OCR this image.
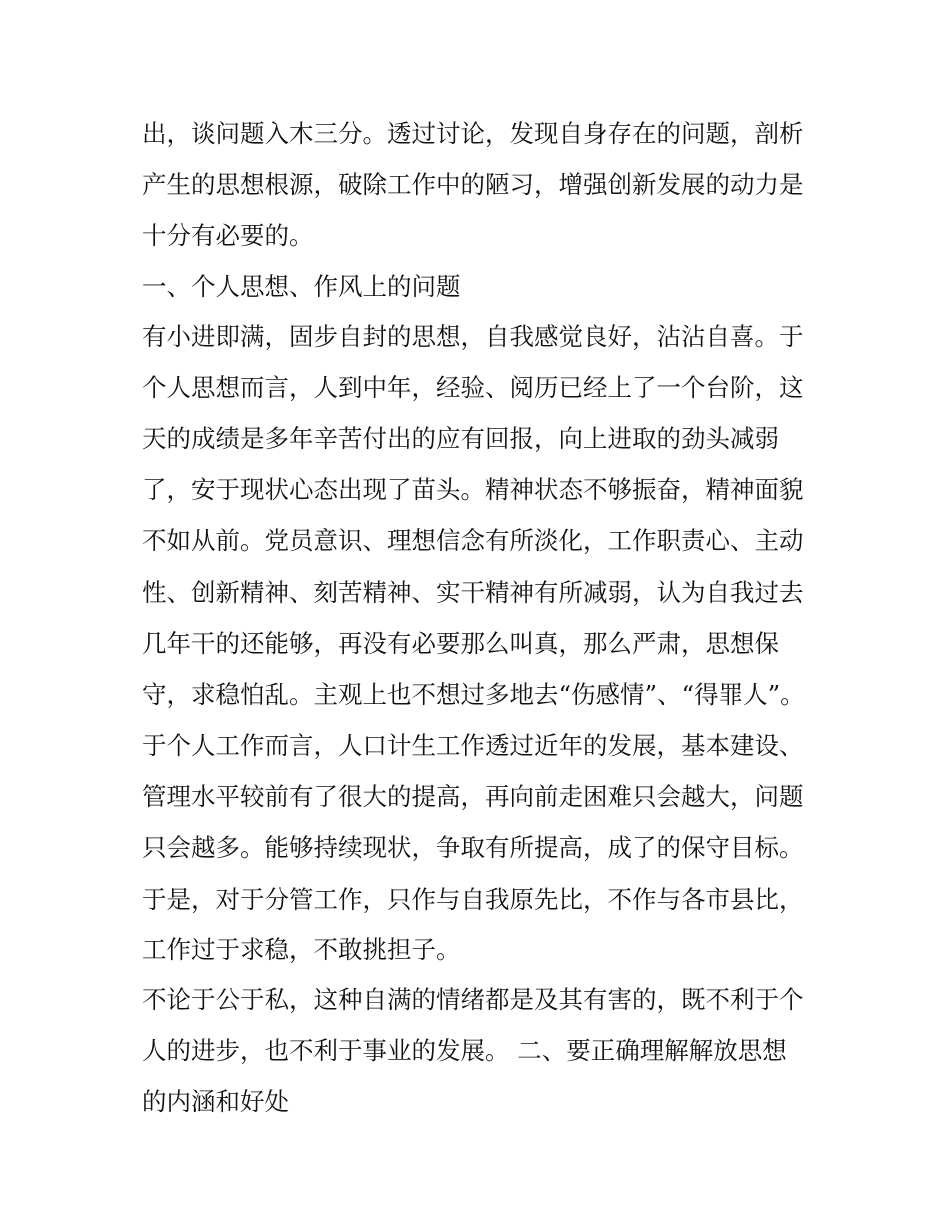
出，谈问题入木三分。透过讨论，发现自身存在的问题，剖析
产生的思想根源，破除工作中的陋习，增强创新发展的动力是
十分有必要的。
一、个人思想、作风上的问题
有小进即满，固步自封的思想，自我感觉良好，沾沾自喜。于
个人思想而言，人到中年，经验、阅历已经上了一个台阶，这
天的成绩是多年辛苦付出的应有回报，向上进取的劲头减弱
了，安于现状心态出现了苗头。精神状态不够振奋，精神面貌
不如从前。党员意识、理想信念有所淡化，工作职责心、主动
性、创新精神、刻苦精神、实干精神有所减弱，认为自我过去
几年干的还能够，再没有必要那么叫真，那么严肃，思想保
守，求稳怕乱。主观上也不想过多地去“伤感情”、“得罪人”。
于个人工作而言，人口计生工作透过近年的发展，基本建设、
管理水平较前有了很大的提高，再向前走困难只会越大，问题
只会越多。能够持续现状，争取有所提高，成了的保守目标。
于是，对于分管工作，只作与自我原先比，不作与各市县比，
工作过于求稳，不敢挑担子。
不论于公于私，这种自满的情绪都是及其有害的，既不利于个
人的进步，也不利于事业的发展。 二、要正确理解解放思想
的内涵和好处
